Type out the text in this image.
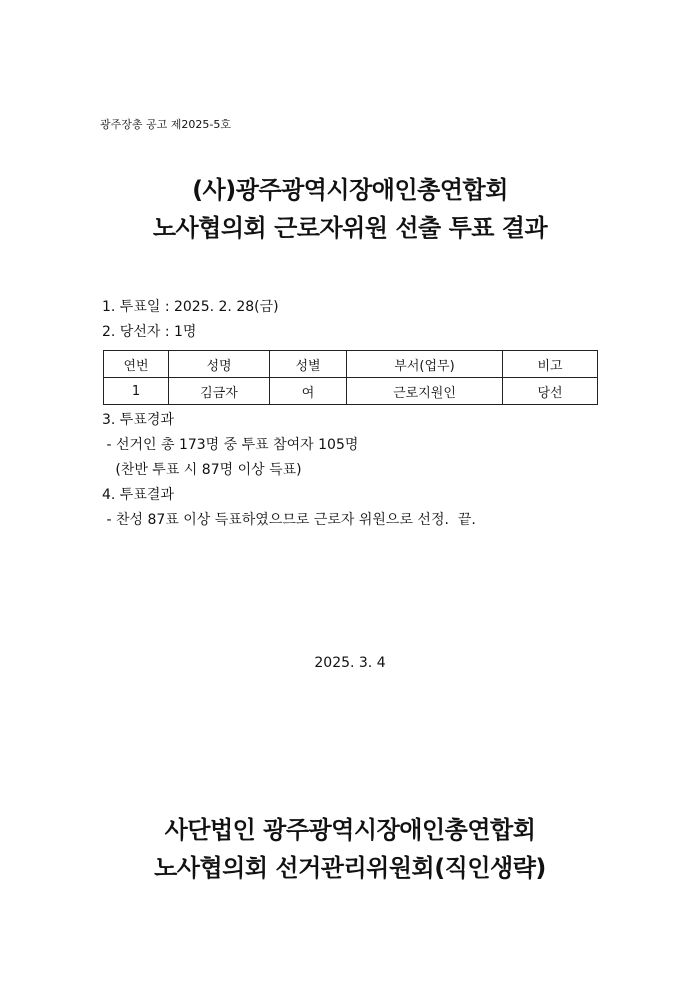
광주장총 공고 제2025-5호
(사)광주광역시장애인총연합회
노사협의회 근로자위원 선출 투표 결과
1. 투표일 : 2025. 2. 28(금)
2. 당선자 : 1명
연번	성명	성별	부서(업무)	비고
1	김금자	여	근로지원인	당선
3. 투표경과
- 선거인 총 173명 중 투표 참여자 105명
(찬반 투표 시 87명 이상 득표)
4. 투표결과
- 찬성 87표 이상 득표하였으므로 근로자 위원으로 선정.  끝.
2025. 3. 4
사단법인 광주광역시장애인총연합회
노사협의회 선거관리위원회(직인생략)
